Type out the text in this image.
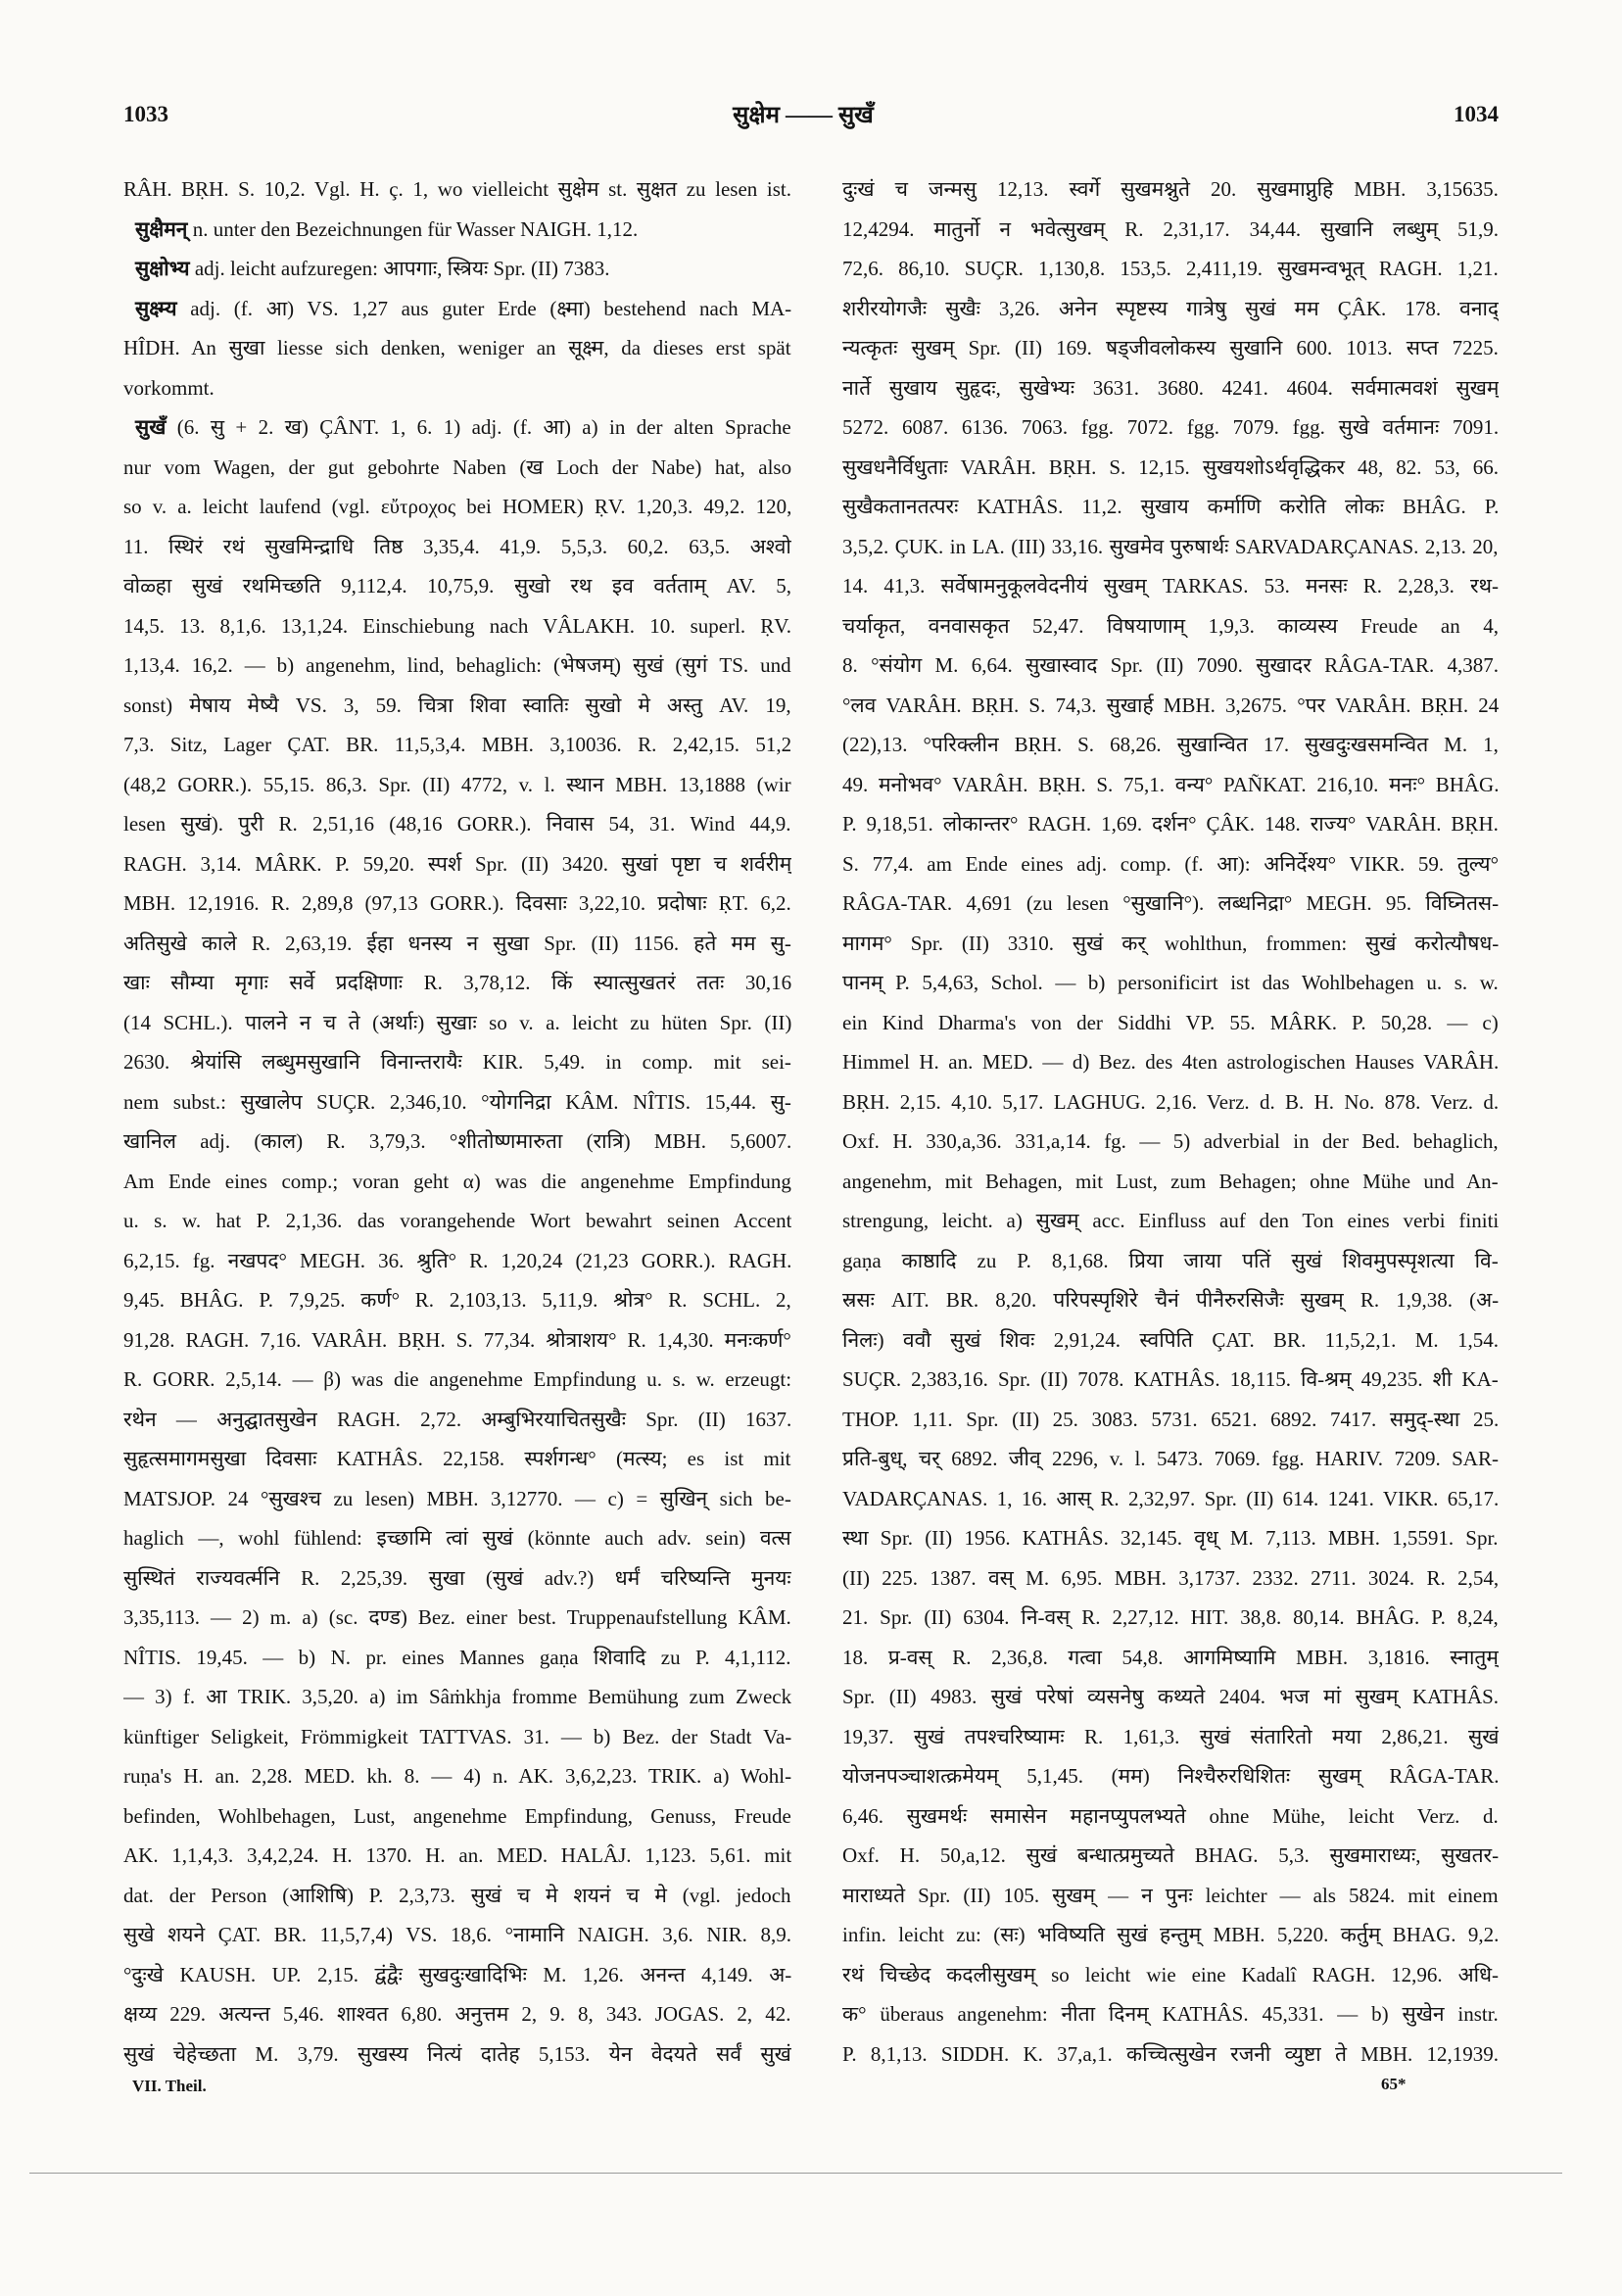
1033	सुक्षेम —— सुखँ	1034
RÂH. BṚH. S. 10,2. Vgl. H. ç. 1, wo vielleicht सुक्षेम st. सुक्षत zu lesen ist.
सुक्षैमन् n. unter den Bezeichnungen für Wasser NAIGH. 1,12.
सुक्षोभ्य adj. leicht aufzuregen: आपगाः, स्त्रियः Spr. (II) 7383.
सुक्ष्म्य adj. (f. आ) VS. 1,27 aus guter Erde (क्ष्मा) bestehend nach MA-
HÎDH. An सुखा liesse sich denken, weniger an सूक्ष्म, da dieses erst spät
vorkommt.
सुखँ (6. सु + 2. ख) ÇÂNT. 1, 6. 1) adj. (f. आ) a) in der alten Sprache
nur vom Wagen, der gut gebohrte Naben (ख Loch der Nabe) hat, also
so v. a. leicht laufend (vgl. εὔτροχος bei HOMER) ṚV. 1,20,3. 49,2. 120,
11. स्थिरं रथं सुखमिन्द्राधि तिष्ठ 3,35,4. 41,9. 5,5,3. 60,2. 63,5. अश्वो
वोळ्हा सुखं रथमिच्छति 9,112,4. 10,75,9. सुखो रथ इव वर्तताम् AV. 5,
14,5. 13. 8,1,6. 13,1,24. Einschiebung nach VÂLAKH. 10. superl. ṚV.
1,13,4. 16,2. — b) angenehm, lind, behaglich: (भेषजम्) सुखं (सुगं TS. und
sonst) मेषाय मेष्यै VS. 3, 59. चित्रा शिवा स्वातिः सुखो मे अस्तु AV. 19,
7,3. Sitz, Lager ÇAT. BR. 11,5,3,4. MBH. 3,10036. R. 2,42,15. 51,2
(48,2 GORR.). 55,15. 86,3. Spr. (II) 4772, v. l. स्थान MBH. 13,1888 (wir
lesen सुखं). पुरी R. 2,51,16 (48,16 GORR.). निवास 54, 31. Wind 44,9.
RAGH. 3,14. MÂRK. P. 59,20. स्पर्श Spr. (II) 3420. सुखां पृष्टा च शर्वरीम्
MBH. 12,1916. R. 2,89,8 (97,13 GORR.). दिवसाः 3,22,10. प्रदोषाः ṚT. 6,2.
अतिसुखे काले R. 2,63,19. ईहा धनस्य न सुखा Spr. (II) 1156. हते मम सु-
खाः सौम्या मृगाः सर्वे प्रदक्षिणाः R. 3,78,12. किं स्यात्सुखतरं ततः 30,16
(14 SCHL.). पालने न च ते (अर्थाः) सुखाः so v. a. leicht zu hüten Spr. (II)
2630. श्रेयांसि लब्धुमसुखानि विनान्तरायैः KIR. 5,49. in comp. mit sei-
nem subst.: सुखालेप SUÇR. 2,346,10. °योगनिद्रा KÂM. NÎTIS. 15,44. सु-
खानिल adj. (काल) R. 3,79,3. °शीतोष्णमारुता (रात्रि) MBH. 5,6007.
Am Ende eines comp.; voran geht α) was die angenehme Empfindung
u. s. w. hat P. 2,1,36. das vorangehende Wort bewahrt seinen Accent
6,2,15. fg. नखपद° MEGH. 36. श्रुति° R. 1,20,24 (21,23 GORR.). RAGH.
9,45. BHÂG. P. 7,9,25. कर्ण° R. 2,103,13. 5,11,9. श्रोत्र° R. SCHL. 2,
91,28. RAGH. 7,16. VARÂH. BṚH. S. 77,34. श्रोत्राशय° R. 1,4,30. मनःकर्ण°
R. GORR. 2,5,14. — β) was die angenehme Empfindung u. s. w. erzeugt:
रथेन — अनुद्घातसुखेन RAGH. 2,72. अम्बुभिरयाचितसुखैः Spr. (II) 1637.
सुहृत्समागमसुखा दिवसाः KATHÂS. 22,158. स्पर्शगन्ध° (मत्स्य; es ist mit
MATSJOP. 24 °सुखश्च zu lesen) MBH. 3,12770. — c) = सुखिन् sich be-
haglich —, wohl fühlend: इच्छामि त्वां सुखं (könnte auch adv. sein) वत्स
सुस्थितं राज्यवर्त्मनि R. 2,25,39. सुखा (सुखं adv.?) धर्मं चरिष्यन्ति मुनयः
3,35,113. — 2) m. a) (sc. दण्ड) Bez. einer best. Truppenaufstellung KÂM.
NÎTIS. 19,45. — b) N. pr. eines Mannes gaṇa शिवादि zu P. 4,1,112.
— 3) f. आ TRIK. 3,5,20. a) im Sâṁkhja fromme Bemühung zum Zweck
künftiger Seligkeit, Frömmigkeit TATTVAS. 31. — b) Bez. der Stadt Va-
ruṇa's H. an. 2,28. MED. kh. 8. — 4) n. AK. 3,6,2,23. TRIK. a) Wohl-
befinden, Wohlbehagen, Lust, angenehme Empfindung, Genuss, Freude
AK. 1,1,4,3. 3,4,2,24. H. 1370. H. an. MED. HALÂJ. 1,123. 5,61. mit
dat. der Person (आशिषि) P. 2,3,73. सुखं च मे शयनं च मे (vgl. jedoch
सुखे शयने ÇAT. BR. 11,5,7,4) VS. 18,6. °नामानि NAIGH. 3,6. NIR. 8,9.
°दुःखे KAUSH. UP. 2,15. द्वंद्वैः सुखदुःखादिभिः M. 1,26. अनन्त 4,149. अ-
क्षय्य 229. अत्यन्त 5,46. शाश्वत 6,80. अनुत्तम 2, 9. 8, 343. JOGAS. 2, 42.
सुखं चेहेच्छता M. 3,79. सुखस्य नित्यं दातेह 5,153. येन वेदयते सर्वं सुखं
दुःखं च जन्मसु 12,13. स्वर्गे सुखमश्नुते 20. सुखमाप्नुहि MBH. 3,15635.
12,4294. मातुर्नो न भवेत्सुखम् R. 2,31,17. 34,44. सुखानि लब्धुम् 51,9.
72,6. 86,10. SUÇR. 1,130,8. 153,5. 2,411,19. सुखमन्वभूत् RAGH. 1,21.
शरीरयोगजैः सुखैः 3,26. अनेन स्पृष्टस्य गात्रेषु सुखं मम ÇÂK. 178. वनाद्
न्यत्कृतः सुखम् Spr. (II) 169. षड्जीवलोकस्य सुखानि 600. 1013. सप्त 7225.
नार्ते सुखाय सुहृदः, सुखेभ्यः 3631. 3680. 4241. 4604. सर्वमात्मवशं सुखम्
5272. 6087. 6136. 7063. fgg. 7072. fgg. 7079. fgg. सुखे वर्तमानः 7091.
सुखधनैर्विधुताः VARÂH. BṚH. S. 12,15. सुखयशोऽर्थवृद्धिकर 48, 82. 53, 66.
सुखैकतानतत्परः KATHÂS. 11,2. सुखाय कर्माणि करोति लोकः BHÂG. P.
3,5,2. ÇUK. in LA. (III) 33,16. सुखमेव पुरुषार्थः SARVADARÇANAS. 2,13. 20,
14. 41,3. सर्वेषामनुकूलवेदनीयं सुखम् TARKAS. 53. मनसः R. 2,28,3. रथ-
चर्याकृत, वनवासकृत 52,47. विषयाणाम् 1,9,3. काव्यस्य Freude an 4,
8. °संयोग M. 6,64. सुखास्वाद Spr. (II) 7090. सुखादर RÂGA-TAR. 4,387.
°लव VARÂH. BṚH. S. 74,3. सुखार्ह MBH. 3,2675. °पर VARÂH. BṚH. 24
(22),13. °परिक्लीन BṚH. S. 68,26. सुखान्वित 17. सुखदुःखसमन्वित M. 1,
49. मनोभव° VARÂH. BṚH. S. 75,1. वन्य° PAÑKAT. 216,10. मनः° BHÂG.
P. 9,18,51. लोकान्तर° RAGH. 1,69. दर्शन° ÇÂK. 148. राज्य° VARÂH. BṚH.
S. 77,4. am Ende eines adj. comp. (f. आ): अनिर्देश्य° VIKR. 59. तुल्य°
RÂGA-TAR. 4,691 (zu lesen °सुखानि°). लब्धनिद्रा° MEGH. 95. विघ्नितस-
मागम° Spr. (II) 3310. सुखं कर् wohlthun, frommen: सुखं करोत्यौषध-
पानम् P. 5,4,63, Schol. — b) personificirt ist das Wohlbehagen u. s. w.
ein Kind Dharma's von der Siddhi VP. 55. MÂRK. P. 50,28. — c)
Himmel H. an. MED. — d) Bez. des 4ten astrologischen Hauses VARÂH.
BṚH. 2,15. 4,10. 5,17. LAGHUG. 2,16. Verz. d. B. H. No. 878. Verz. d.
Oxf. H. 330,a,36. 331,a,14. fg. — 5) adverbial in der Bed. behaglich,
angenehm, mit Behagen, mit Lust, zum Behagen; ohne Mühe und An-
strengung, leicht. a) सुखम् acc. Einfluss auf den Ton eines verbi finiti
gaṇa काष्ठादि zu P. 8,1,68. प्रिया जाया पतिं सुखं शिवमुपस्पृशत्या वि-
स्रसः AIT. BR. 8,20. परिपस्पृशिरे चैनं पीनैरुरसिजैः सुखम् R. 1,9,38. (अ-
निलः) ववौ सुखं शिवः 2,91,24. स्वपिति ÇAT. BR. 11,5,2,1. M. 1,54.
SUÇR. 2,383,16. Spr. (II) 7078. KATHÂS. 18,115. वि-श्रम् 49,235. शी KA-
THOP. 1,11. Spr. (II) 25. 3083. 5731. 6521. 6892. 7417. समुद्-स्था 25.
प्रति-बुध्, चर् 6892. जीव् 2296, v. l. 5473. 7069. fgg. HARIV. 7209. SAR-
VADARÇANAS. 1, 16. आस् R. 2,32,97. Spr. (II) 614. 1241. VIKR. 65,17.
स्था Spr. (II) 1956. KATHÂS. 32,145. वृध् M. 7,113. MBH. 1,5591. Spr.
(II) 225. 1387. वस् M. 6,95. MBH. 3,1737. 2332. 2711. 3024. R. 2,54,
21. Spr. (II) 6304. नि-वस् R. 2,27,12. HIT. 38,8. 80,14. BHÂG. P. 8,24,
18. प्र-वस् R. 2,36,8. गत्वा 54,8. आगमिष्यामि MBH. 3,1816. स्नातुम्
Spr. (II) 4983. सुखं परेषां व्यसनेषु कथ्यते 2404. भज मां सुखम् KATHÂS.
19,37. सुखं तपश्चरिष्यामः R. 1,61,3. सुखं संतारितो मया 2,86,21. सुखं
योजनपञ्चाशत्क्रमेयम् 5,1,45. (मम) निश्चैरुरधिशितः सुखम् RÂGA-TAR.
6,46. सुखमर्थः समासेन महानप्युपलभ्यते ohne Mühe, leicht Verz. d.
Oxf. H. 50,a,12. सुखं बन्धात्प्रमुच्यते BHAG. 5,3. सुखमाराध्यः, सुखतर-
माराध्यते Spr. (II) 105. सुखम् — न पुनः leichter — als 5824. mit einem
infin. leicht zu: (सः) भविष्यति सुखं हन्तुम् MBH. 5,220. कर्तुम् BHAG. 9,2.
रथं चिच्छेद कदलीसुखम् so leicht wie eine Kadalî RAGH. 12,96. अधि-
क° überaus angenehm: नीता दिनम् KATHÂS. 45,331. — b) सुखेन instr.
P. 8,1,13. SIDDH. K. 37,a,1. कच्चित्सुखेन रजनी व्युष्टा ते MBH. 12,1939.
VII. Theil.	65*
